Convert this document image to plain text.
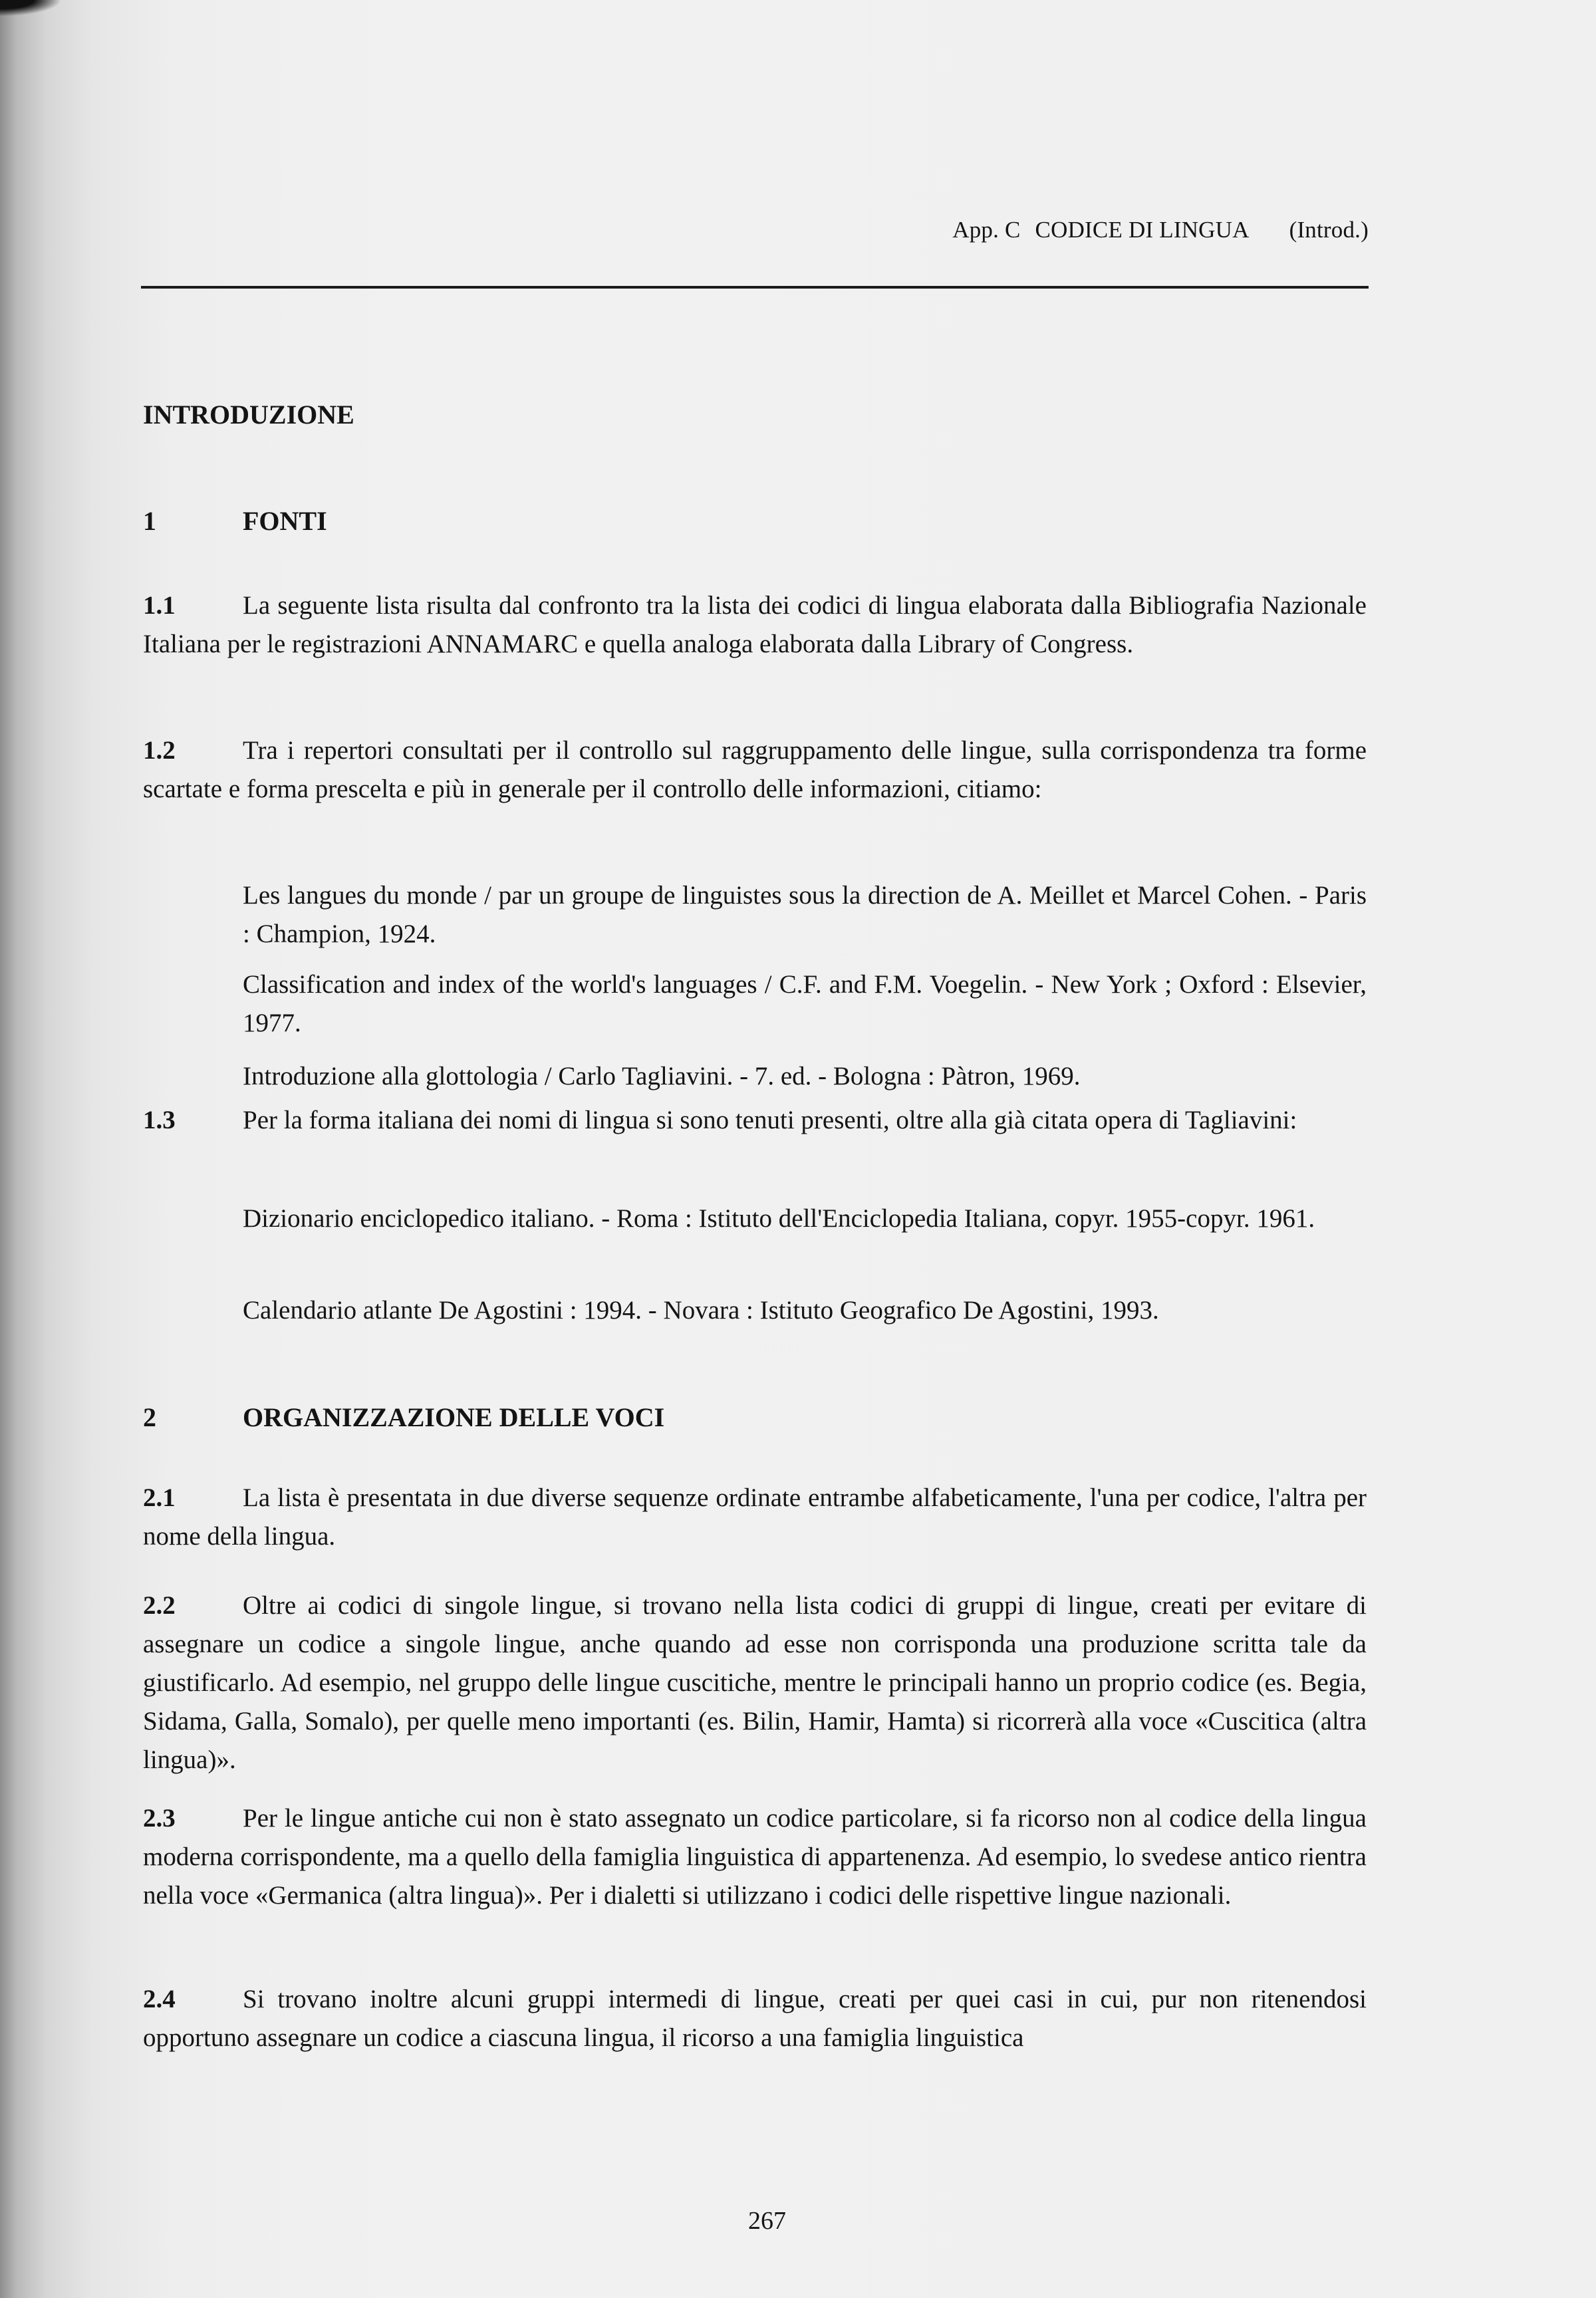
App. C CODICE DI LINGUA (Introd.)
INTRODUZIONE
1	FONTI
1.1	La seguente lista risulta dal confronto tra la lista dei codici di lingua elaborata dalla Bibliografia Nazionale Italiana per le registrazioni ANNAMARC e quella analoga elaborata dalla Library of Congress.
1.2	Tra i repertori consultati per il controllo sul raggruppamento delle lingue, sulla corrispondenza tra forme scartate e forma prescelta e più in generale per il controllo delle informazioni, citiamo:
Les langues du monde / par un groupe de linguistes sous la direction de A. Meillet et Marcel Cohen. - Paris : Champion, 1924.
Classification and index of the world's languages / C.F. and F.M. Voegelin. - New York ; Oxford : Elsevier, 1977.
Introduzione alla glottologia / Carlo Tagliavini. - 7. ed. - Bologna : Pàtron, 1969.
1.3	Per la forma italiana dei nomi di lingua si sono tenuti presenti, oltre alla già citata opera di Tagliavini:
Dizionario enciclopedico italiano. - Roma : Istituto dell'Enciclopedia Italiana, copyr. 1955-copyr. 1961.
Calendario atlante De Agostini : 1994. - Novara : Istituto Geografico De Agostini, 1993.
2	ORGANIZZAZIONE DELLE VOCI
2.1	La lista è presentata in due diverse sequenze ordinate entrambe alfabeticamente, l'una per codice, l'altra per nome della lingua.
2.2	Oltre ai codici di singole lingue, si trovano nella lista codici di gruppi di lingue, creati per evitare di assegnare un codice a singole lingue, anche quando ad esse non corrisponda una produzione scritta tale da giustificarlo. Ad esempio, nel gruppo delle lingue cuscitiche, mentre le principali hanno un proprio codice (es. Begia, Sidama, Galla, Somalo), per quelle meno importanti (es. Bilin, Hamir, Hamta) si ricorrerà alla voce «Cuscitica (altra lingua)».
2.3	Per le lingue antiche cui non è stato assegnato un codice particolare, si fa ricorso non al codice della lingua moderna corrispondente, ma a quello della famiglia linguistica di appartenenza. Ad esempio, lo svedese antico rientra nella voce «Germanica (altra lingua)». Per i dialetti si utilizzano i codici delle rispettive lingue nazionali.
2.4	Si trovano inoltre alcuni gruppi intermedi di lingue, creati per quei casi in cui, pur non ritenendosi opportuno assegnare un codice a ciascuna lingua, il ricorso a una famiglia linguistica
267
